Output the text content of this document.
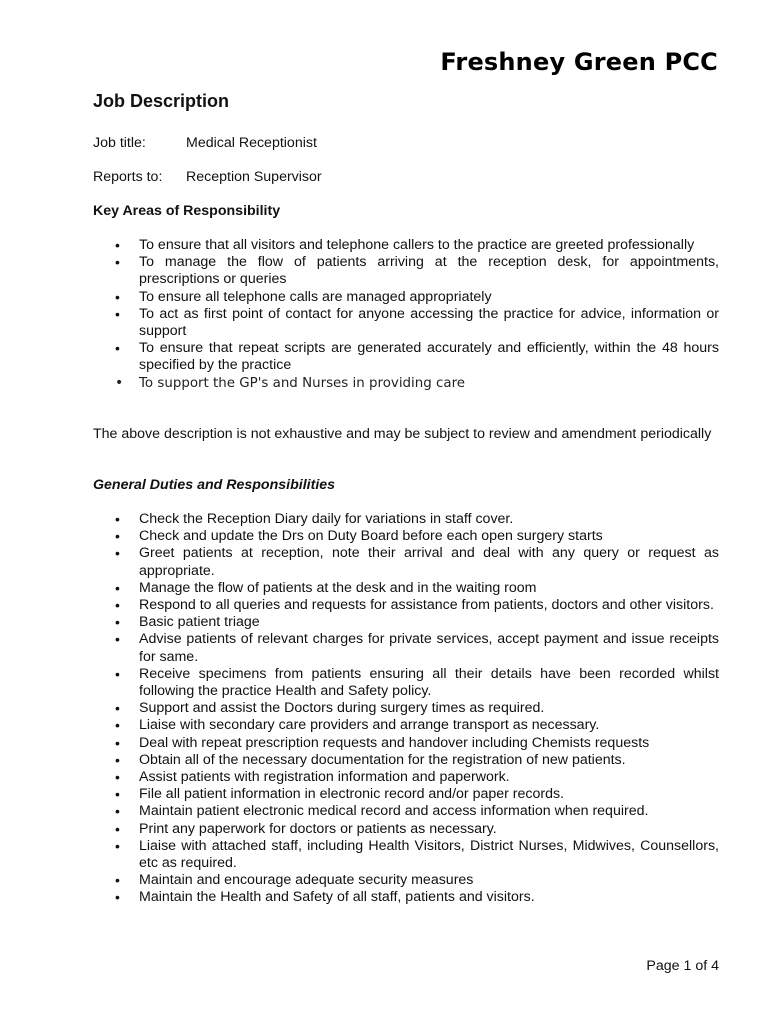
Freshney Green PCC
Job Description
Job title:	Medical Receptionist
Reports to: Reception Supervisor
Key Areas of Responsibility
• To ensure that all visitors and telephone callers to the practice are greeted professionally
• To manage the flow of patients arriving at the reception desk, for appointments, prescriptions or queries
• To ensure all telephone calls are managed appropriately
• To act as first point of contact for anyone accessing the practice for advice, information or support
• To ensure that repeat scripts are generated accurately and efficiently, within the 48 hours specified by the practice
• To support the GP's and Nurses in providing care
The above description is not exhaustive and may be subject to review and amendment periodically
General Duties and Responsibilities
• Check the Reception Diary daily for variations in staff cover.
• Check and update the Drs on Duty Board before each open surgery starts
• Greet patients at reception, note their arrival and deal with any query or request as appropriate.
• Manage the flow of patients at the desk and in the waiting room
• Respond to all queries and requests for assistance from patients, doctors and other visitors.
• Basic patient triage
• Advise patients of relevant charges for private services, accept payment and issue receipts for same.
• Receive specimens from patients ensuring all their details have been recorded whilst following the practice Health and Safety policy.
• Support and assist the Doctors during surgery times as required.
• Liaise with secondary care providers and arrange transport as necessary.
• Deal with repeat prescription requests and handover including Chemists requests
• Obtain all of the necessary documentation for the registration of new patients.
• Assist patients with registration information and paperwork.
• File all patient information in electronic record and/or paper records.
• Maintain patient electronic medical record and access information when required.
• Print any paperwork for doctors or patients as necessary.
• Liaise with attached staff, including Health Visitors, District Nurses, Midwives, Counsellors, etc as required.
• Maintain and encourage adequate security measures
• Maintain the Health and Safety of all staff, patients and visitors.
Page 1 of 4
